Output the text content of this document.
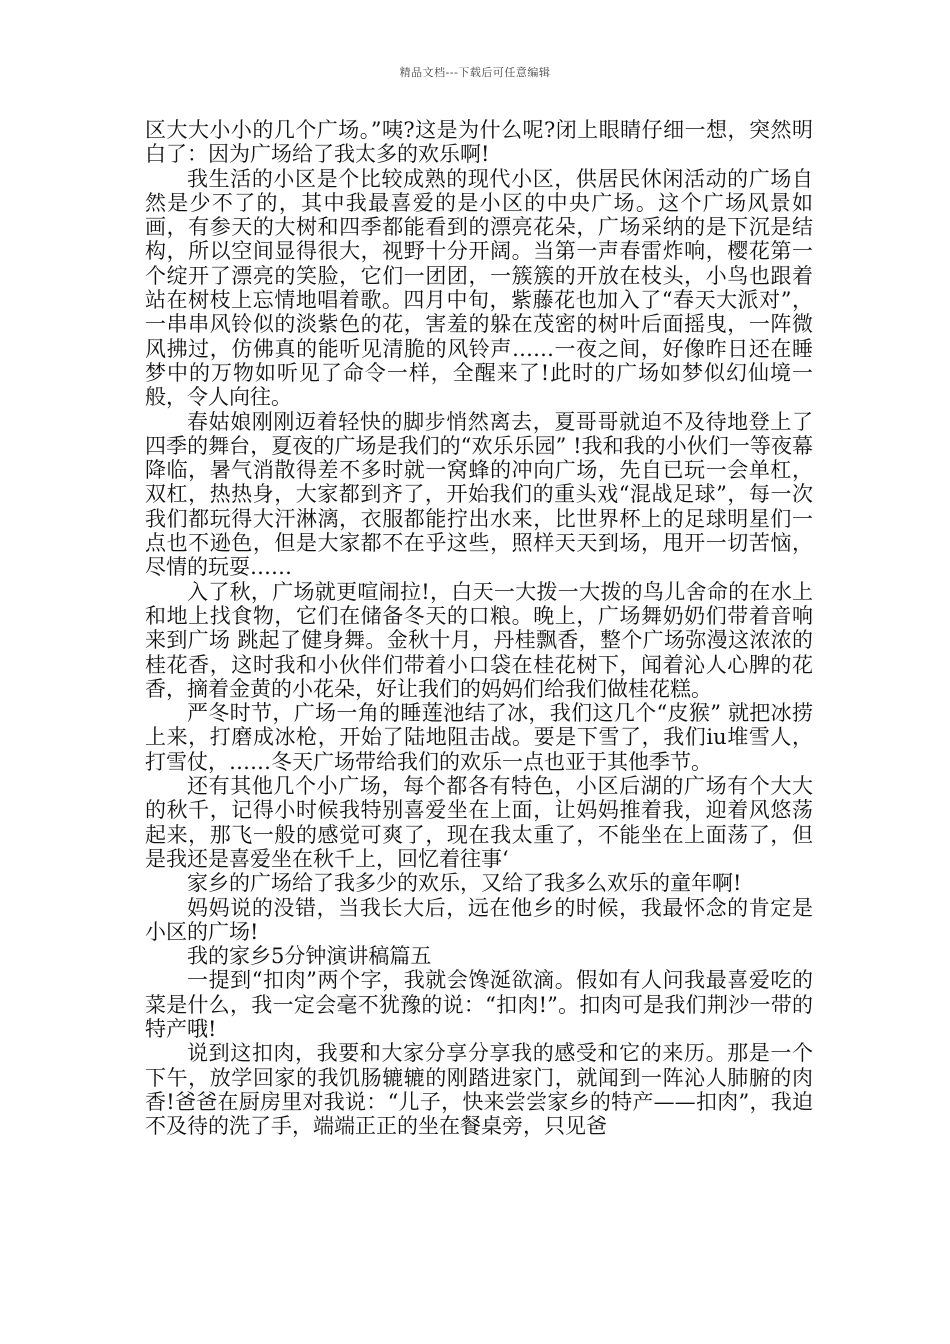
精品文档---下载后可任意编辑

区大大小小的几个广场。”咦?这是为什么呢?闭上眼睛仔细一想，突然明白了：因为广场给了我太多的欢乐啊!

我生活的小区是个比较成熟的现代小区，供居民休闲活动的广场自然是少不了的，其中我最喜爱的是小区的中央广场。这个广场风景如画，有参天的大树和四季都能看到的漂亮花朵，广场采纳的是下沉是结构，所以空间显得很大，视野十分开阔。当第一声春雷炸响，樱花第一个绽开了漂亮的笑脸，它们一团团，一簇簇的开放在枝头，小鸟也跟着站在树枝上忘情地唱着歌。四月中旬，紫藤花也加入了“春天大派对”，一串串风铃似的淡紫色的花，害羞的躲在茂密的树叶后面摇曳，一阵微风拂过，仿佛真的能听见清脆的风铃声……一夜之间，好像昨日还在睡梦中的万物如听见了命令一样，全醒来了!此时的广场如梦似幻仙境一般，令人向往。

春姑娘刚刚迈着轻快的脚步悄然离去，夏哥哥就迫不及待地登上了四季的舞台，夏夜的广场是我们的“欢乐乐园” !我和我的小伙们一等夜幕降临，暑气消散得差不多时就一窝蜂的冲向广场，先自已玩一会单杠，双杠，热热身，大家都到齐了，开始我们的重头戏“混战足球”，每一次我们都玩得大汗淋漓，衣服都能拧出水来，比世界杯上的足球明星们一点也不逊色，但是大家都不在乎这些，照样天天到场，甩开一切苦恼，尽情的玩耍……

入了秋，广场就更喧闹拉!，白天一大拨一大拨的鸟儿舍命的在水上和地上找食物，它们在储备冬天的口粮。晚上，广场舞奶奶们带着音响来到广场 跳起了健身舞。金秋十月，丹桂飘香，整个广场弥漫这浓浓的桂花香，这时我和小伙伴们带着小口袋在桂花树下，闻着沁人心脾的花香，摘着金黄的小花朵，好让我们的妈妈们给我们做桂花糕。

严冬时节，广场一角的睡莲池结了冰，我们这几个“皮猴” 就把冰捞上来，打磨成冰枪，开始了陆地阻击战。要是下雪了，我们iu堆雪人，打雪仗，……冬天广场带给我们的欢乐一点也亚于其他季节。

还有其他几个小广场，每个都各有特色，小区后湖的广场有个大大的秋千，记得小时候我特别喜爱坐在上面，让妈妈推着我，迎着风悠荡起来，那飞一般的感觉可爽了，现在我太重了，不能坐在上面荡了，但是我还是喜爱坐在秋千上，回忆着往事‘

家乡的广场给了我多少的欢乐，又给了我多么欢乐的童年啊!

妈妈说的没错，当我长大后，远在他乡的时候，我最怀念的肯定是小区的广场!

我的家乡5分钟演讲稿篇五

一提到“扣肉”两个字，我就会馋涎欲滴。假如有人问我最喜爱吃的菜是什么，我一定会毫不犹豫的说：“扣肉!”。扣肉可是我们荆沙一带的特产哦!

说到这扣肉，我要和大家分享分享我的感受和它的来历。那是一个下午，放学回家的我饥肠辘辘的刚踏进家门，就闻到一阵沁人肺腑的肉香!爸爸在厨房里对我说：“儿子，快来尝尝家乡的特产——扣肉”，我迫不及待的洗了手，端端正正的坐在餐桌旁，只见爸
